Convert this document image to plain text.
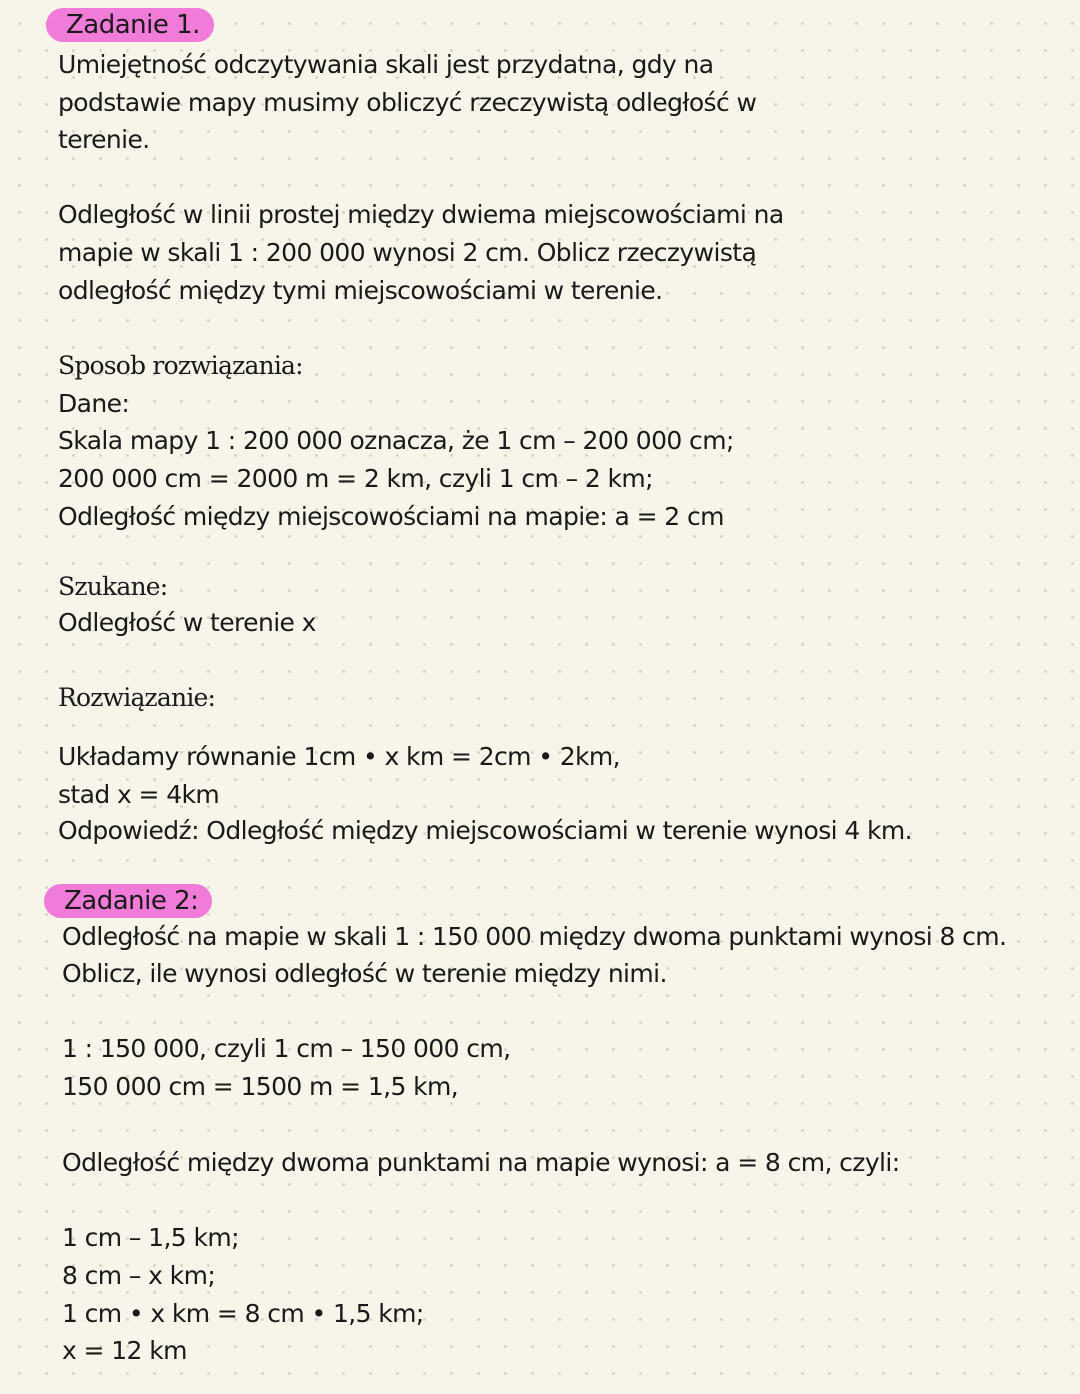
Zadanie 1.
Umiejętność odczytywania skali jest przydatna, gdy na
podstawie mapy musimy obliczyć rzeczywistą odległość w
terenie.
Odległość w linii prostej między dwiema miejscowościami na
mapie w skali 1 : 200 000 wynosi 2 cm. Oblicz rzeczywistą
odległość między tymi miejscowościami w terenie.
Sposob rozwiązania:
Dane:
Skala mapy 1 : 200 000 oznacza, że 1 cm – 200 000 cm;
200 000 cm = 2000 m = 2 km, czyli 1 cm – 2 km;
Odległość między miejscowościami na mapie: a = 2 cm
Szukane:
Odległość w terenie x
Rozwiązanie:
Układamy równanie 1cm • x km = 2cm • 2km,
stad x = 4km
Odpowiedź: Odległość między miejscowościami w terenie wynosi 4 km.
Zadanie 2:
Odległość na mapie w skali 1 : 150 000 między dwoma punktami wynosi 8 cm.
Oblicz, ile wynosi odległość w terenie między nimi.
1 : 150 000, czyli 1 cm – 150 000 cm,
150 000 cm = 1500 m = 1,5 km,
Odległość między dwoma punktami na mapie wynosi: a = 8 cm, czyli:
1 cm – 1,5 km;
8 cm – x km;
1 cm • x km = 8 cm • 1,5 km;
x = 12 km
